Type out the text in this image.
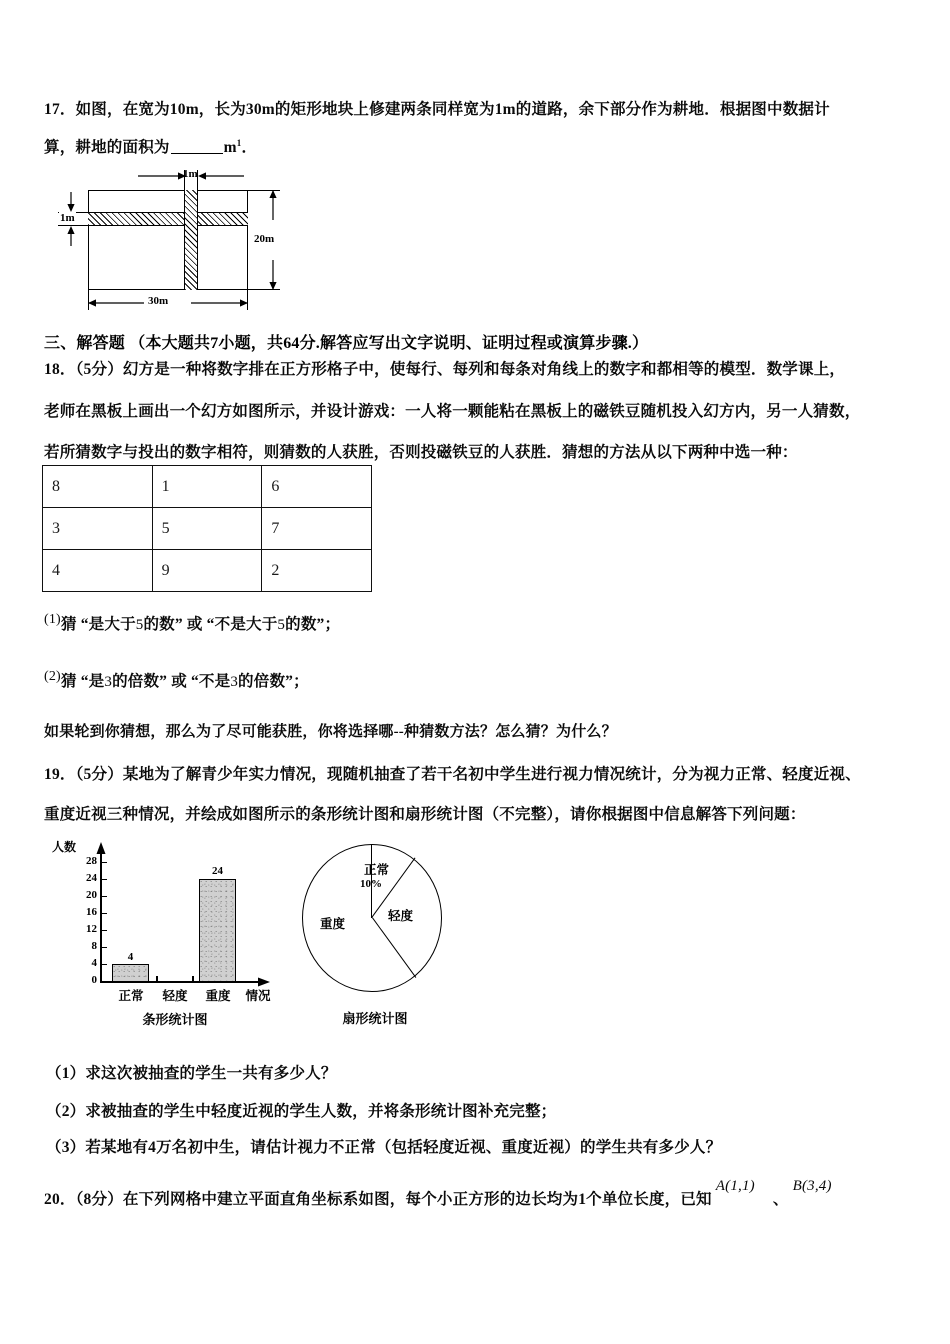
17．如图，在宽为10m，长为30m的矩形地块上修建两条同样宽为1m的道路，余下部分作为耕地．根据图中数据计
算，耕地的面积为	$m^1$．
1m
1m
20m
30m
三、解答题 （本大题共7小题，共64分.解答应写出文字说明、证明过程或演算步骤.）
18．（5分）幻方是一种将数字排在正方形格子中，使每行、每列和每条对角线上的数字和都相等的模型．数学课上，
老师在黑板上画出一个幻方如图所示，并设计游戏：一人将一颗能粘在黑板上的磁铁豆随机投入幻方内，另一人猜数，
若所猜数字与投出的数字相符，则猜数的人获胜，否则投磁铁豆的人获胜．猜想的方法从以下两种中选一种：
8	1	6
3	5	7
4	9	2
(1)猜 “是大于5的数” 或 “不是大于5的数”；
(2)猜 “是3的倍数” 或 “不是3的倍数”；
如果轮到你猜想，那么为了尽可能获胜，你将选择哪--种猜数方法？怎么猜？为什么？
19．（5分）某地为了解青少年实力情况，现随机抽查了若干名初中学生进行视力情况统计，分为视力正常、轻度近视、
重度近视三种情况，并绘成如图所示的条形统计图和扇形统计图（不完整），请你根据图中信息解答下列问题：
人数
0
4
8
12
16
20
24
28
4
24
正常	轻度	重度	情况
条形统计图
正常
10%
轻度
重度
扇形统计图
（1）求这次被抽查的学生一共有多少人？
（2）求被抽查的学生中轻度近视的学生人数，并将条形统计图补充完整；
（3）若某地有4万名初中生，请估计视力不正常（包括轻度近视、重度近视）的学生共有多少人？
20．（8分）在下列网格中建立平面直角坐标系如图，每个小正方形的边长均为1个单位长度，已知A(1,1)、B(3,4)
